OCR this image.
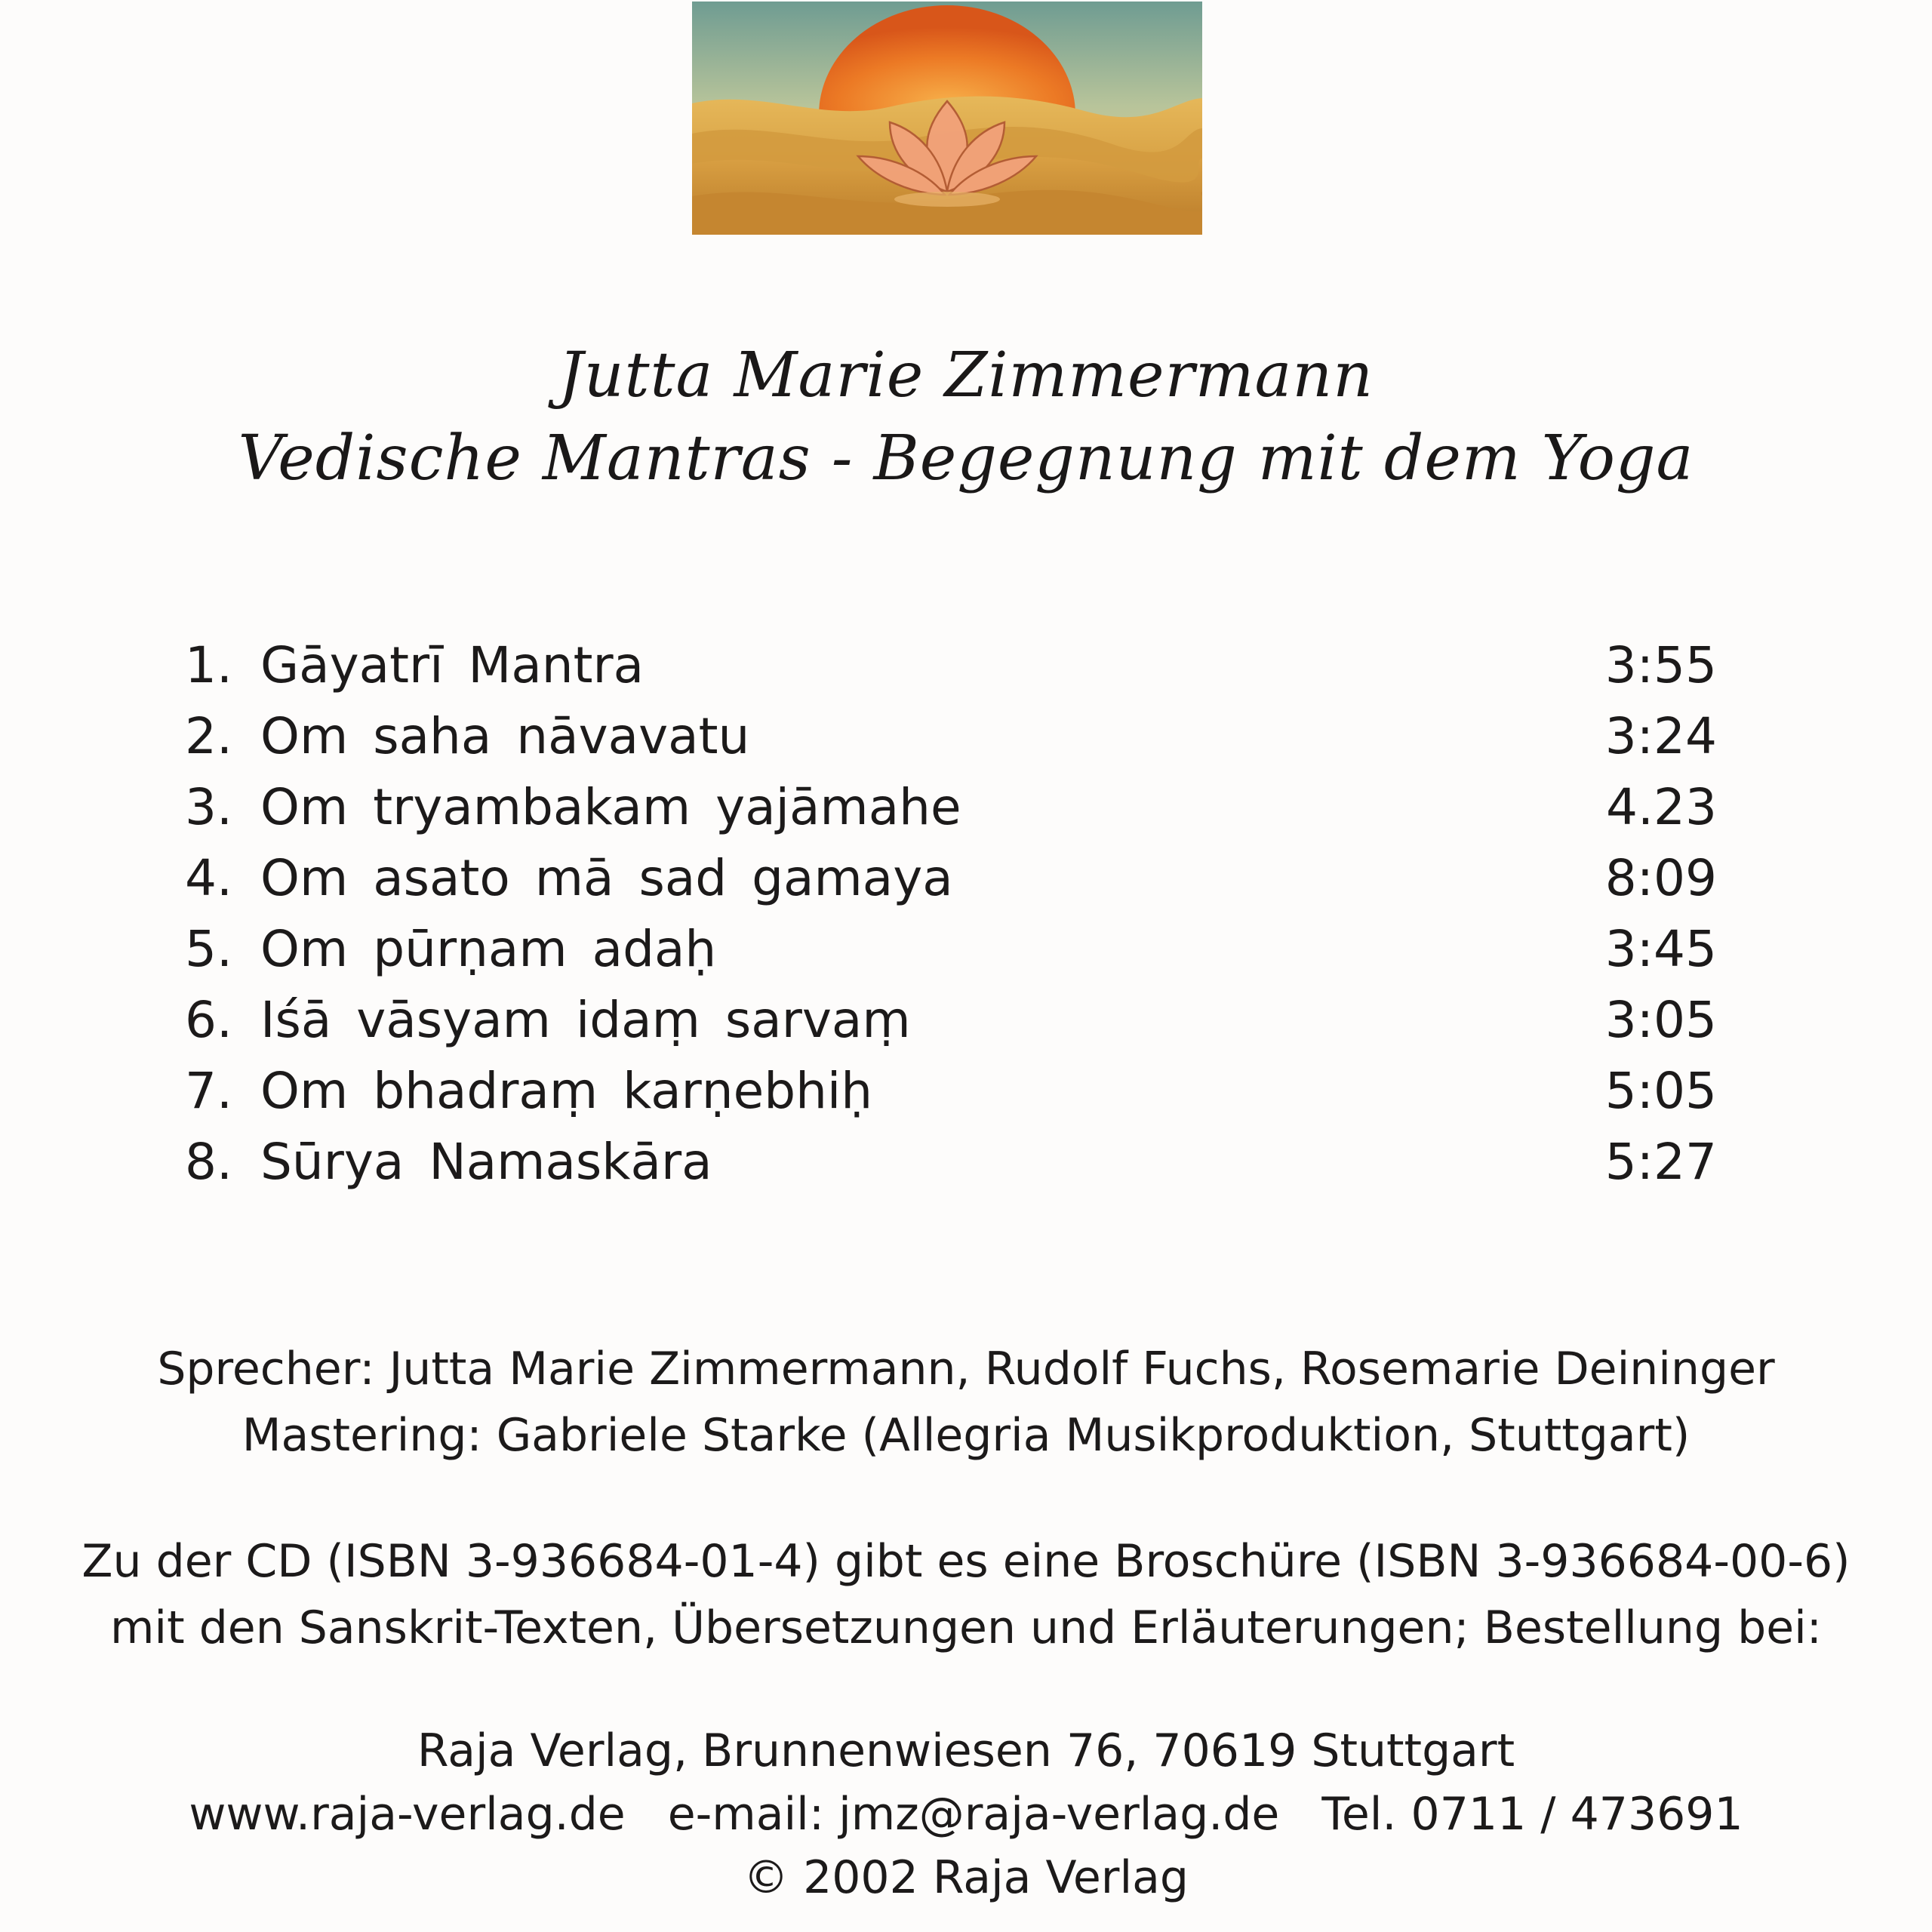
Jutta Marie Zimmermann
Vedische Mantras - Begegnung mit dem Yoga
1. Gāyatrī Mantra	3:55
2. Om saha nāvavatu	3:24
3. Om tryambakam yajāmahe	4.23
4. Om asato mā sad gamaya	8:09
5. Om pūrṇam adaḥ	3:45
6. Iśā vāsyam idaṃ sarvaṃ	3:05
7. Om bhadraṃ karṇebhiḥ	5:05
8. Sūrya Namaskāra	5:27
Sprecher: Jutta Marie Zimmermann, Rudolf Fuchs, Rosemarie Deininger
Mastering: Gabriele Starke (Allegria Musikproduktion, Stuttgart)
Zu der CD (ISBN 3-936684-01-4) gibt es eine Broschüre (ISBN 3-936684-00-6)
mit den Sanskrit-Texten, Übersetzungen und Erläuterungen; Bestellung bei:
Raja Verlag, Brunnenwiesen 76, 70619 Stuttgart
www.raja-verlag.de e-mail: jmz@raja-verlag.de Tel. 0711 / 473691
© 2002 Raja Verlag
